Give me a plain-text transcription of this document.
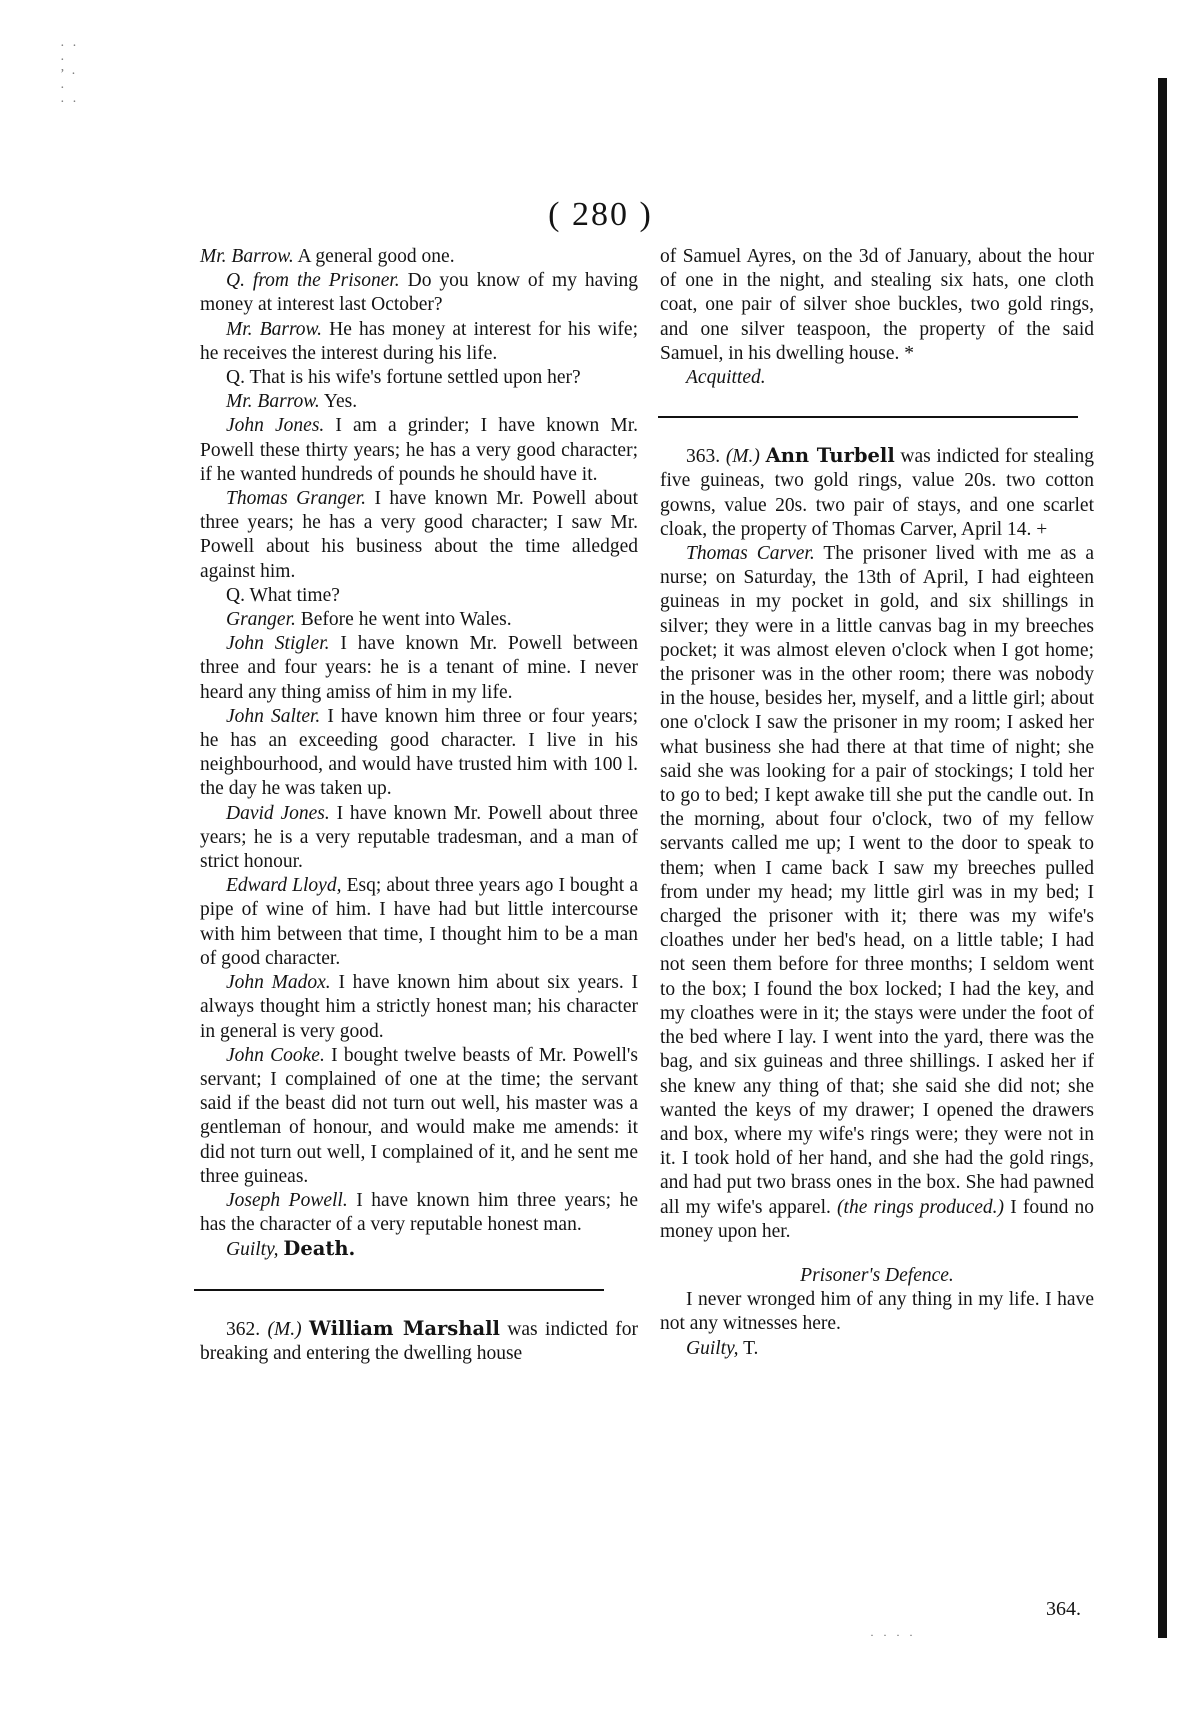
· ·
·
’ ·
·
· ·
( 280 )

Mr. Barrow. A general good one.

Q. from the Prisoner. Do you know of my having money at interest last October?

Mr. Barrow. He has money at interest for his wife; he receives the interest during his life.

Q. That is his wife's fortune settled upon her?

Mr. Barrow. Yes.

John Jones. I am a grinder; I have known Mr. Powell these thirty years; he has a very good character; if he wanted hundreds of pounds he should have it.

Thomas Granger. I have known Mr. Powell about three years; he has a very good character; I saw Mr. Powell about his business about the time alledged against him.

Q. What time?

Granger. Before he went into Wales.

John Stigler. I have known Mr. Powell between three and four years: he is a tenant of mine. I never heard any thing amiss of him in my life.

John Salter. I have known him three or four years; he has an exceeding good character. I live in his neighbourhood, and would have trusted him with 100 l. the day he was taken up.

David Jones. I have known Mr. Powell about three years; he is a very reputable tradesman, and a man of strict honour.

Edward Lloyd, Esq; about three years ago I bought a pipe of wine of him. I have had but little intercourse with him between that time, I thought him to be a man of good character.

John Madox. I have known him about six years. I always thought him a strictly honest man; his character in general is very good.

John Cooke. I bought twelve beasts of Mr. Powell's servant; I complained of one at the time; the servant said if the beast did not turn out well, his master was a gentleman of honour, and would make me amends: it did not turn out well, I complained of it, and he sent me three guineas.

Joseph Powell. I have known him three years; he has the character of a very reputable honest man.

Guilty, Death.

362. (M.) William Marshall was indicted for breaking and entering the dwelling house

of Samuel Ayres, on the 3d of January, about the hour of one in the night, and stealing six hats, one cloth coat, one pair of silver shoe buckles, two gold rings, and one silver teaspoon, the property of the said Samuel, in his dwelling house. *

Acquitted.

363. (M.) Ann Turbell was indicted for stealing five guineas, two gold rings, value 20s. two cotton gowns, value 20s. two pair of stays, and one scarlet cloak, the property of Thomas Carver, April 14. +

Thomas Carver. The prisoner lived with me as a nurse; on Saturday, the 13th of April, I had eighteen guineas in my pocket in gold, and six shillings in silver; they were in a little canvas bag in my breeches pocket; it was almost eleven o'clock when I got home; the prisoner was in the other room; there was nobody in the house, besides her, myself, and a little girl; about one o'clock I saw the prisoner in my room; I asked her what business she had there at that time of night; she said she was looking for a pair of stockings; I told her to go to bed; I kept awake till she put the candle out. In the morning, about four o'clock, two of my fellow servants called me up; I went to the door to speak to them; when I came back I saw my breeches pulled from under my head; my little girl was in my bed; I charged the prisoner with it; there was my wife's cloathes under her bed's head, on a little table; I had not seen them before for three months; I seldom went to the box; I found the box locked; I had the key, and my cloathes were in it; the stays were under the foot of the bed where I lay. I went into the yard, there was the bag, and six guineas and three shillings. I asked her if she knew any thing of that; she said she did not; she wanted the keys of my drawer; I opened the drawers and box, where my wife's rings were; they were not in it. I took hold of her hand, and she had the gold rings, and had put two brass ones in the box. She had pawned all my wife's apparel. (the rings produced.) I found no money upon her.

Prisoner's Defence.

I never wronged him of any thing in my life. I have not any witnesses here.

Guilty, T.

364.
· · · ·
